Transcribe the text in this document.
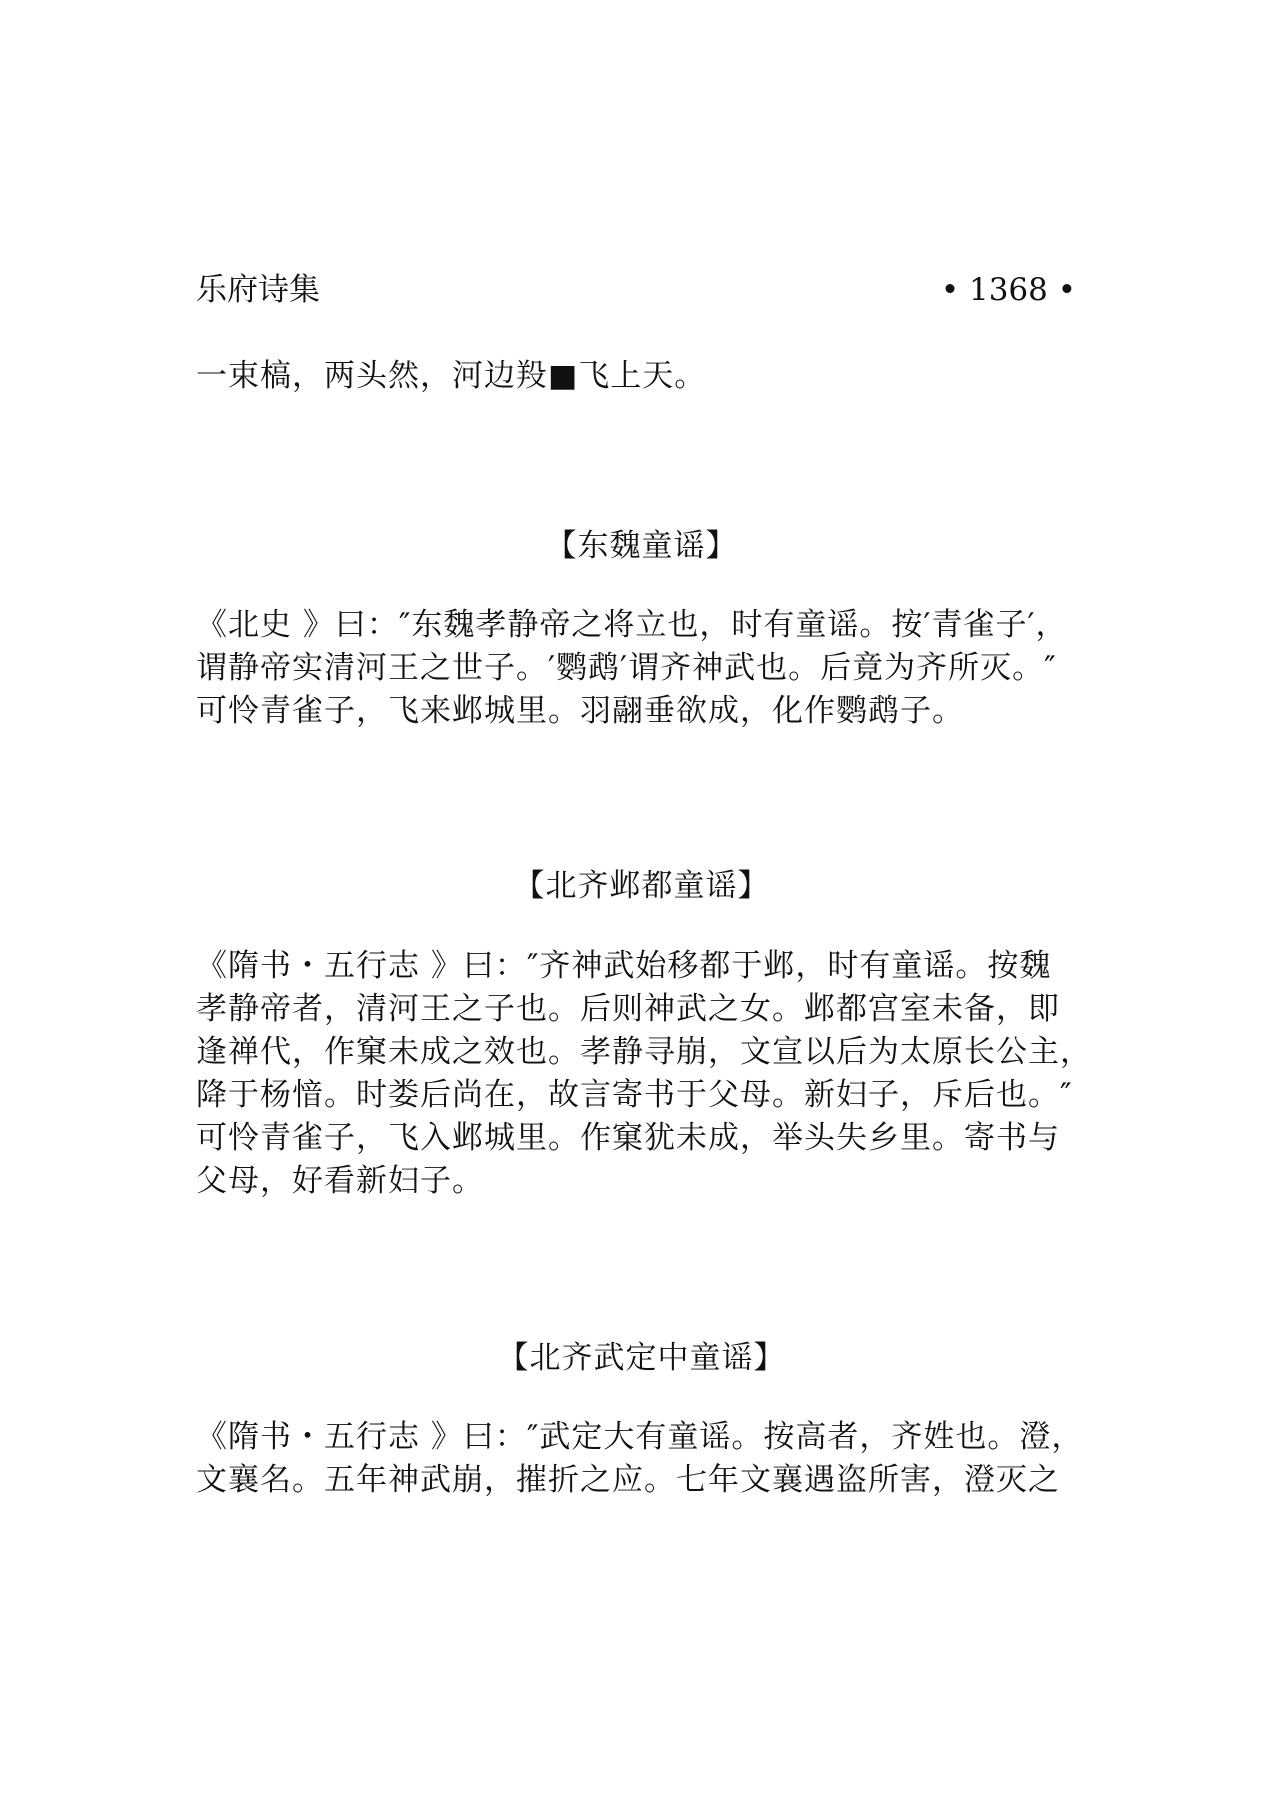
乐府诗集	• 1368 •
一束槁，两头然，河边羖■飞上天。
【东魏童谣】
《北史 》曰：″东魏孝静帝之将立也，时有童谣。按′青雀子′，
谓静帝实清河王之世子。′鹦鹉′谓齐神武也。后竟为齐所灭。″
可怜青雀子，飞来邺城里。羽翮垂欲成，化作鹦鹉子。
【北齐邺都童谣】
《隋书・五行志 》曰：″齐神武始移都于邺，时有童谣。按魏
孝静帝者，清河王之子也。后则神武之女。邺都宫室未备，即
逢禅代，作窠未成之效也。孝静寻崩，文宣以后为太原长公主，
降于杨愔。时娄后尚在，故言寄书于父母。新妇子，斥后也。″
可怜青雀子，飞入邺城里。作窠犹未成，举头失乡里。寄书与
父母，好看新妇子。
【北齐武定中童谣】
《隋书・五行志 》曰：″武定大有童谣。按高者，齐姓也。澄，
文襄名。五年神武崩，摧折之应。七年文襄遇盗所害，澄灭之
